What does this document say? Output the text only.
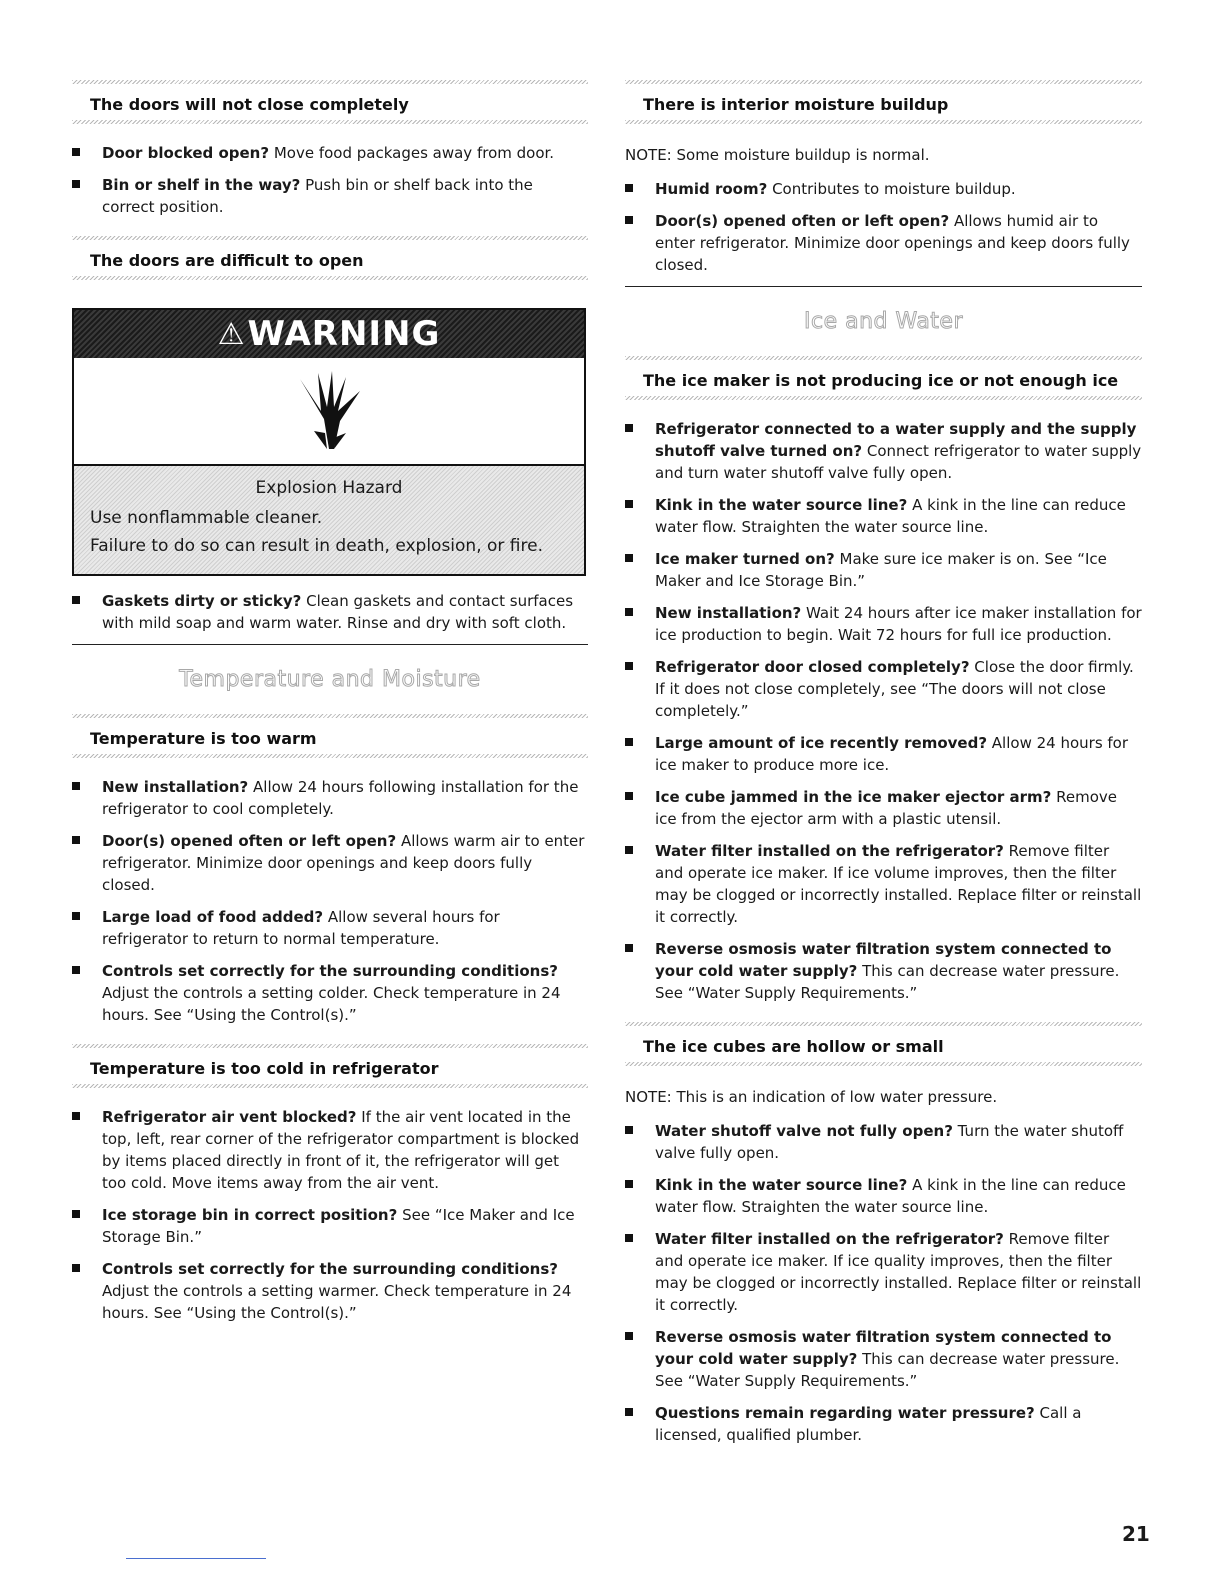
The doors will not close completely
Door blocked open? Move food packages away from door.
Bin or shelf in the way? Push bin or shelf back into the correct position.
The doors are difficult to open
⚠ WARNING

Explosion Hazard

Use nonflammable cleaner.

Failure to do so can result in death, explosion, or fire.

Gaskets dirty or sticky? Clean gaskets and contact surfaces with mild soap and warm water. Rinse and dry with soft cloth.
Temperature and Moisture
Temperature is too warm
New installation? Allow 24 hours following installation for the refrigerator to cool completely.
Door(s) opened often or left open? Allows warm air to enter refrigerator. Minimize door openings and keep doors fully closed.
Large load of food added? Allow several hours for refrigerator to return to normal temperature.
Controls set correctly for the surrounding conditions? Adjust the controls a setting colder. Check temperature in 24 hours. See “Using the Control(s).”
Temperature is too cold in refrigerator
Refrigerator air vent blocked? If the air vent located in the top, left, rear corner of the refrigerator compartment is blocked by items placed directly in front of it, the refrigerator will get too cold. Move items away from the air vent.
Ice storage bin in correct position? See “Ice Maker and Ice Storage Bin.”
Controls set correctly for the surrounding conditions? Adjust the controls a setting warmer. Check temperature in 24 hours. See “Using the Control(s).”
There is interior moisture buildup

NOTE: Some moisture buildup is normal.

Humid room? Contributes to moisture buildup.
Door(s) opened often or left open? Allows humid air to enter refrigerator. Minimize door openings and keep doors fully closed.
Ice and Water
The ice maker is not producing ice or not enough ice
Refrigerator connected to a water supply and the supply shutoff valve turned on? Connect refrigerator to water supply and turn water shutoff valve fully open.
Kink in the water source line? A kink in the line can reduce water flow. Straighten the water source line.
Ice maker turned on? Make sure ice maker is on. See “Ice Maker and Ice Storage Bin.”
New installation? Wait 24 hours after ice maker installation for ice production to begin. Wait 72 hours for full ice production.
Refrigerator door closed completely? Close the door firmly. If it does not close completely, see “The doors will not close completely.”
Large amount of ice recently removed? Allow 24 hours for ice maker to produce more ice.
Ice cube jammed in the ice maker ejector arm? Remove ice from the ejector arm with a plastic utensil.
Water filter installed on the refrigerator? Remove filter and operate ice maker. If ice volume improves, then the filter may be clogged or incorrectly installed. Replace filter or reinstall it correctly.
Reverse osmosis water filtration system connected to your cold water supply? This can decrease water pressure. See “Water Supply Requirements.”
The ice cubes are hollow or small

NOTE: This is an indication of low water pressure.

Water shutoff valve not fully open? Turn the water shutoff valve fully open.
Kink in the water source line? A kink in the line can reduce water flow. Straighten the water source line.
Water filter installed on the refrigerator? Remove filter and operate ice maker. If ice quality improves, then the filter may be clogged or incorrectly installed. Replace filter or reinstall it correctly.
Reverse osmosis water filtration system connected to your cold water supply? This can decrease water pressure. See “Water Supply Requirements.”
Questions remain regarding water pressure? Call a licensed, qualified plumber.
21
